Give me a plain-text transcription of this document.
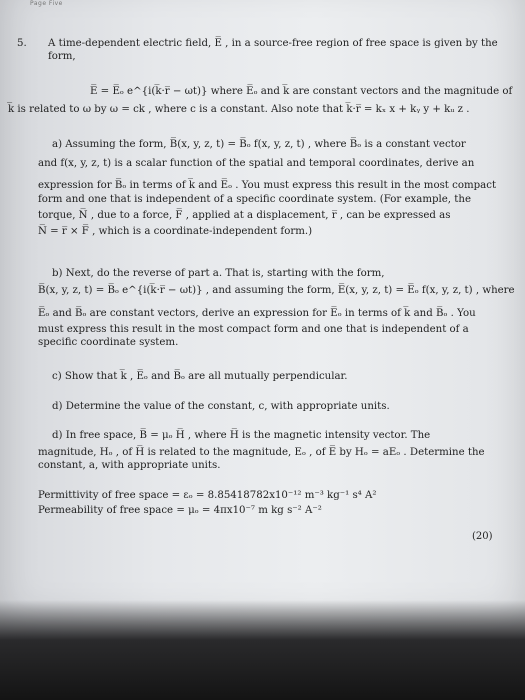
Page Five
5. A time-dependent electric field, E̅ , in a source-free region of free space is given by the
form,
E̅ = E̅ₒ e^{i(k̅·r̅ − ωt)} where E̅ₒ and k̅ are constant vectors and the magnitude of
k̅ is related to ω by ω = ck , where c is a constant. Also note that k̅·r̅ = kₓ x + kᵧ y + kᵤ z .
a) Assuming the form, B̅(x, y, z, t) = B̅ₒ f(x, y, z, t) , where B̅ₒ is a constant vector
and f(x, y, z, t) is a scalar function of the spatial and temporal coordinates, derive an
expression for B̅ₒ in terms of k̅ and E̅ₒ . You must express this result in the most compact
form and one that is independent of a specific coordinate system. (For example, the
torque, N̅ , due to a force, F̅ , applied at a displacement, r̅ , can be expressed as
N̅ = r̅ × F̅ , which is a coordinate-independent form.)
b) Next, do the reverse of part a. That is, starting with the form,
B̅(x, y, z, t) = B̅ₒ e^{i(k̅·r̅ − ωt)} , and assuming the form, E̅(x, y, z, t) = E̅ₒ f(x, y, z, t) , where
E̅ₒ and B̅ₒ are constant vectors, derive an expression for E̅ₒ in terms of k̅ and B̅ₒ . You
must express this result in the most compact form and one that is independent of a
specific coordinate system.
c) Show that k̅ , E̅ₒ and B̅ₒ are all mutually perpendicular.
d) Determine the value of the constant, c, with appropriate units.
d) In free space, B̅ = μₒ H̅ , where H̅ is the magnetic intensity vector. The
magnitude, Hₒ , of H̅ is related to the magnitude, Eₒ , of E̅ by Hₒ = aEₒ . Determine the
constant, a, with appropriate units.
Permittivity of free space = εₒ = 8.85418782x10⁻¹² m⁻³ kg⁻¹ s⁴ A²
Permeability of free space = μₒ = 4πx10⁻⁷ m kg s⁻² A⁻²
(20)
